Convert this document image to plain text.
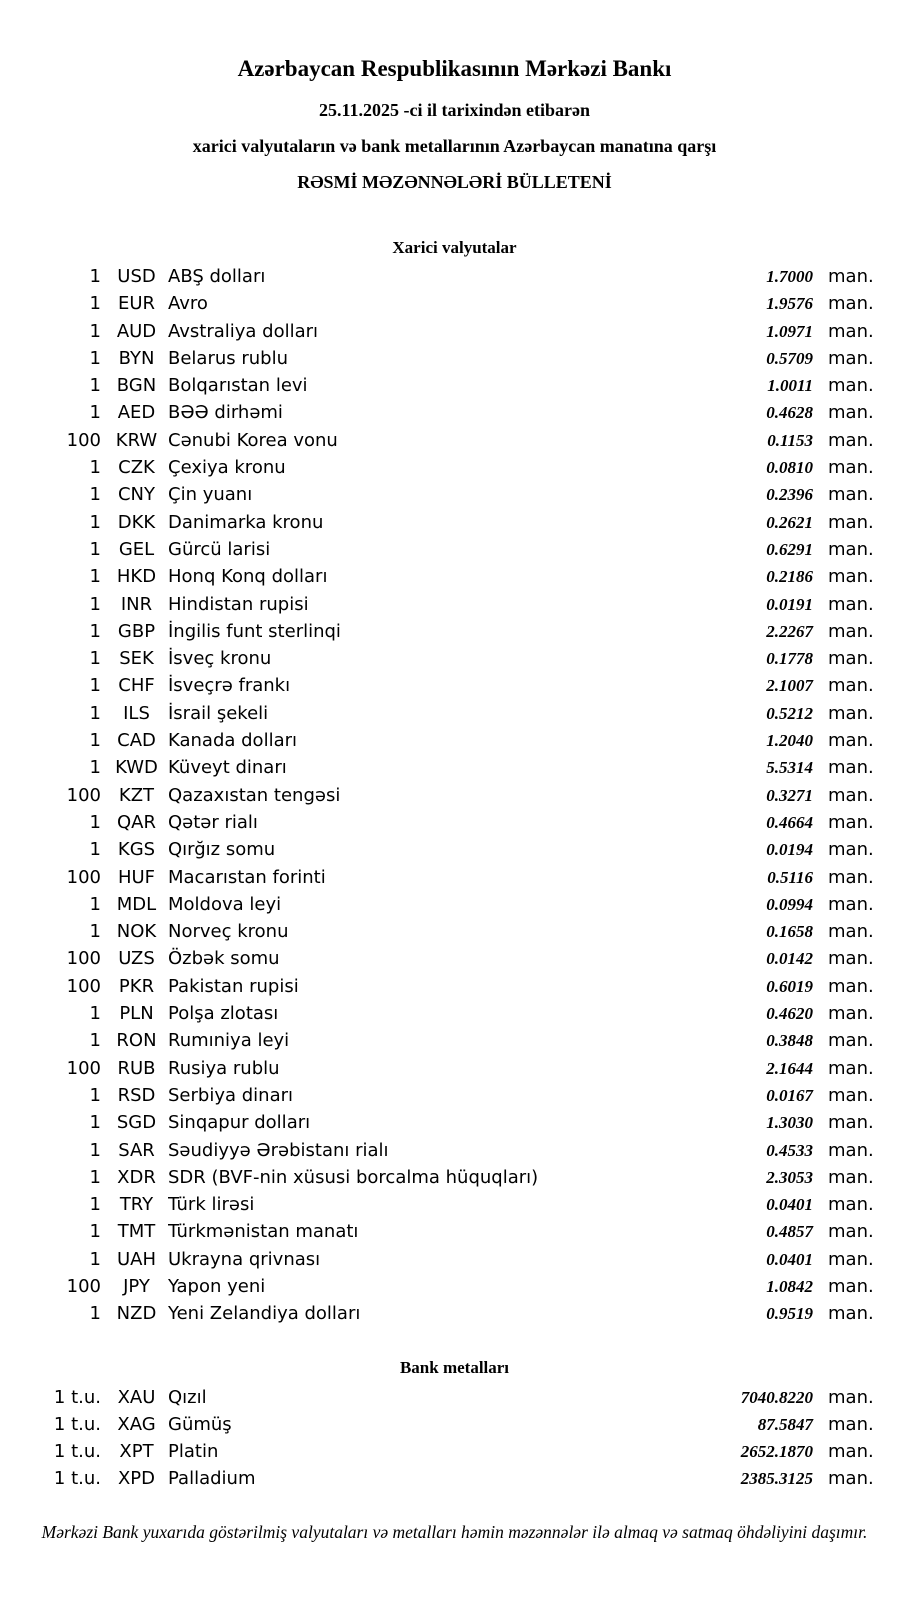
Azərbaycan Respublikasının Mərkəzi Bankı

25.11.2025 -ci il tarixindən etibarən

xarici valyutaların və bank metallarının Azərbaycan manatına qarşı

RƏSMİ MƏZƏNNƏLƏRİ BÜLLETENİ

Xarici valyutalar
1 USD ABŞ dolları	1.7000 man.
1 EUR Avro	1.9576 man.
1 AUD Avstraliya dolları	1.0971 man.
1 BYN Belarus rublu	0.5709 man.
1 BGN Bolqarıstan levi	1.0011 man.
1 AED BƏƏ dirhəmi	0.4628 man.
100 KRW Cənubi Korea vonu	0.1153 man.
1 CZK Çexiya kronu	0.0810 man.
1 CNY Çin yuanı	0.2396 man.
1 DKK Danimarka kronu	0.2621 man.
1 GEL Gürcü larisi	0.6291 man.
1 HKD Honq Konq dolları	0.2186 man.
1	INR Hindistan rupisi	0.0191 man.
1 GBP İngilis funt sterlinqi	2.2267 man.
1	SEK İsveç kronu	0.1778 man.
1 CHF İsveçrə frankı	2.1007 man.
1	ILS	İsrail şekeli	0.5212 man.
1 CAD Kanada dolları	1.2040 man.
1 KWD Küveyt dinarı	5.5314 man.
100 KZT Qazaxıstan tengəsi	0.3271 man.
1 QAR Qətər rialı	0.4664 man.
1 KGS Qırğız somu	0.0194 man.
100 HUF Macarıstan forinti	0.5116 man.
1 MDL Moldova leyi	0.0994 man.
1 NOK Norveç kronu	0.1658 man.
100 UZS Özbək somu	0.0142 man.
100 PKR Pakistan rupisi	0.6019 man.
1	PLN Polşa zlotası	0.4620 man.
1 RON Rumıniya leyi	0.3848 man.
100 RUB Rusiya rublu	2.1644 man.
1 RSD Serbiya dinarı	0.0167 man.
1 SGD Sinqapur dolları	1.3030 man.
1 SAR Səudiyyə Ərəbistanı rialı	0.4533 man.
1 XDR SDR (BVF-nin xüsusi borcalma hüquqları)	2.3053 man.
1	TRY Türk lirəsi	0.0401 man.
1 TMT Türkmənistan manatı	0.4857 man.
1 UAH Ukrayna qrivnası	0.0401 man.
100	JPY	Yapon yeni	1.0842 man.
1 NZD Yeni Zelandiya dolları	0.9519 man.
Bank metalları
1 t.u. XAU Qızıl	7040.8220 man.
1 t.u. XAG Gümüş	87.5847 man.
1 t.u.	XPT Platin	2652.1870 man.
1 t.u. XPD Palladium	2385.3125 man.

Mərkəzi Bank yuxarıda göstərilmiş valyutaları və metalları həmin məzənnələr ilə almaq və satmaq öhdəliyini daşımır.
